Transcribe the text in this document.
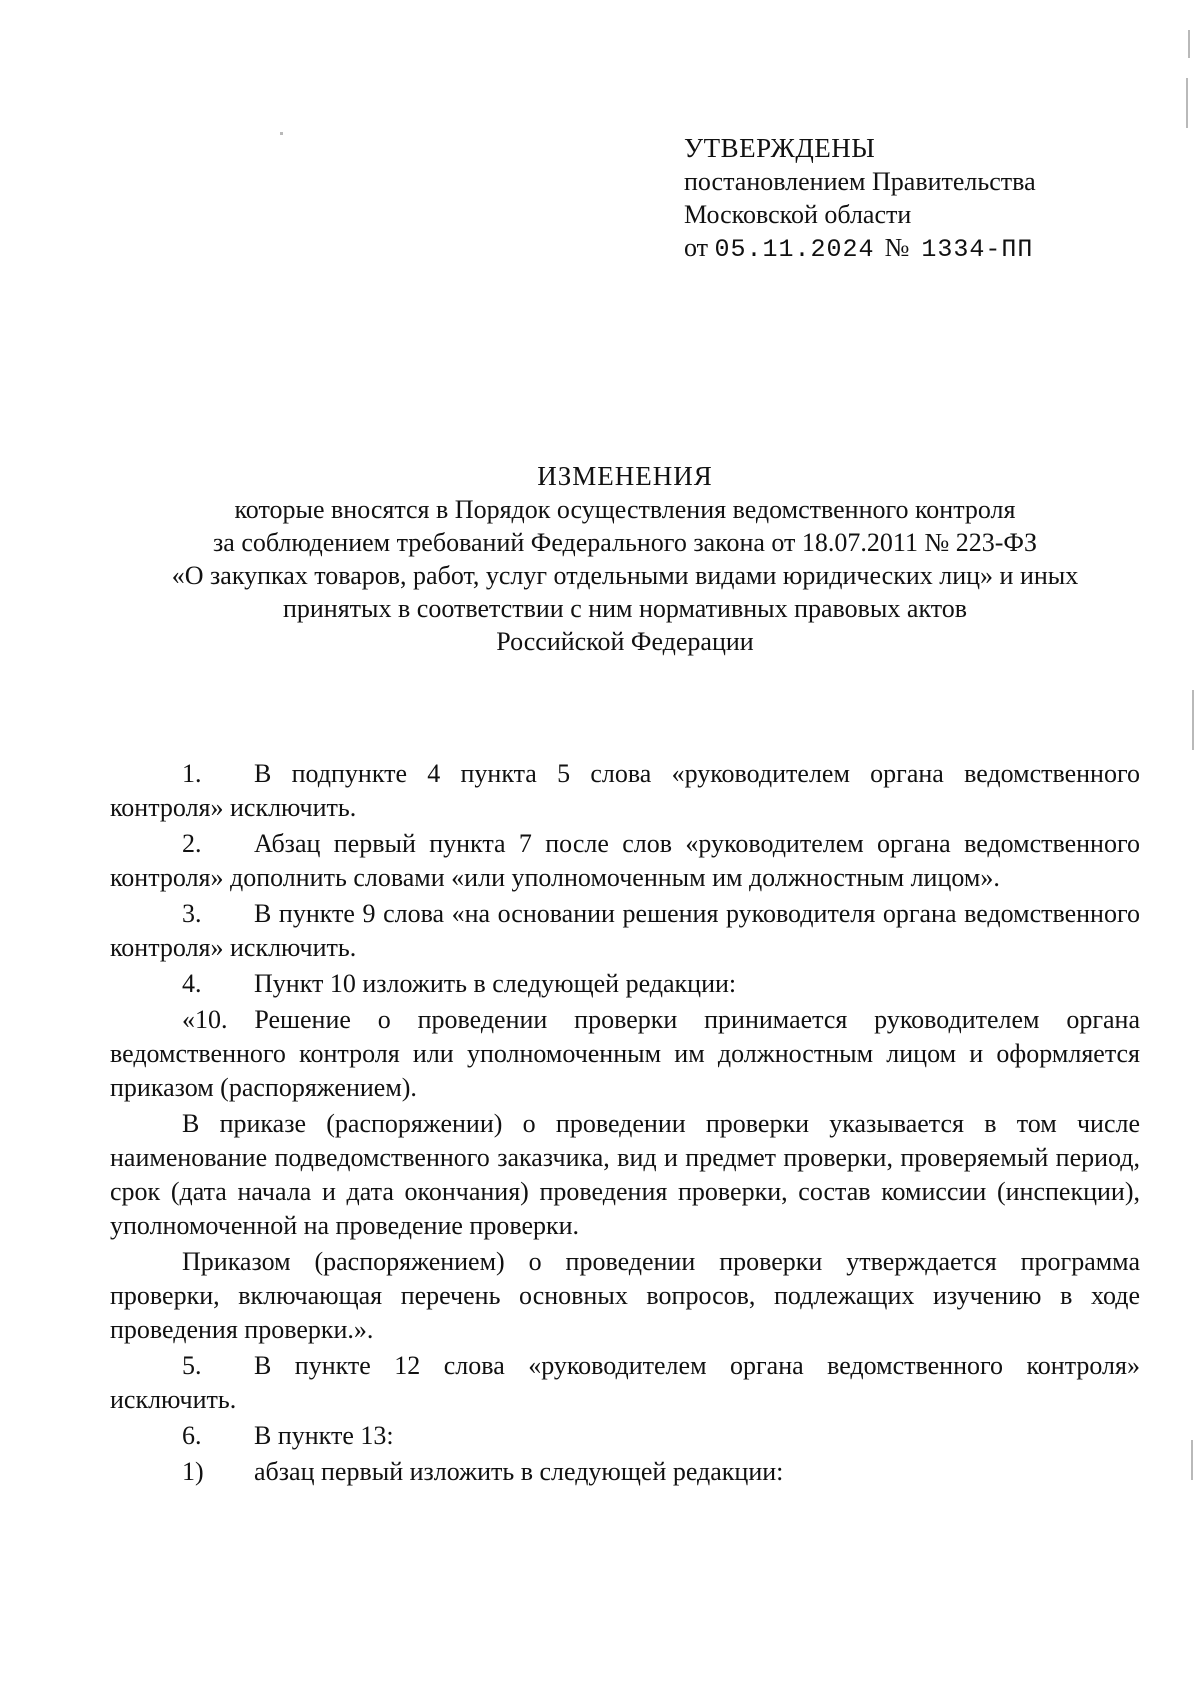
УТВЕРЖДЕНЫ
постановлением Правительства
Московской области
от 05.11.2024 № 1334-ПП
ИЗМЕНЕНИЯ
которые вносятся в Порядок осуществления ведомственного контроля
за соблюдением требований Федерального закона от 18.07.2011 № 223-ФЗ
«О закупках товаров, работ, услуг отдельными видами юридических лиц» и иных
принятых в соответствии с ним нормативных правовых актов
Российской Федерации

1. В подпункте 4 пункта 5 слова «руководителем органа ведомственного контроля» исключить.

2. Абзац первый пункта 7 после слов «руководителем органа ведомственного контроля» дополнить словами «или уполномоченным им должностным лицом».

3. В пункте 9 слова «на основании решения руководителя органа ведомственного контроля» исключить.

4. Пункт 10 изложить в следующей редакции:

«10. Решение о проведении проверки принимается руководителем органа ведомственного контроля или уполномоченным им должностным лицом и оформляется приказом (распоряжением).

В приказе (распоряжении) о проведении проверки указывается в том числе наименование подведомственного заказчика, вид и предмет проверки, проверяемый период, срок (дата начала и дата окончания) проведения проверки, состав комиссии (инспекции), уполномоченной на проведение проверки.

Приказом (распоряжением) о проведении проверки утверждается программа проверки, включающая перечень основных вопросов, подлежащих изучению в ходе проведения проверки.».

5. В пункте 12 слова «руководителем органа ведомственного контроля» исключить.

6. В пункте 13:

1) абзац первый изложить в следующей редакции:
